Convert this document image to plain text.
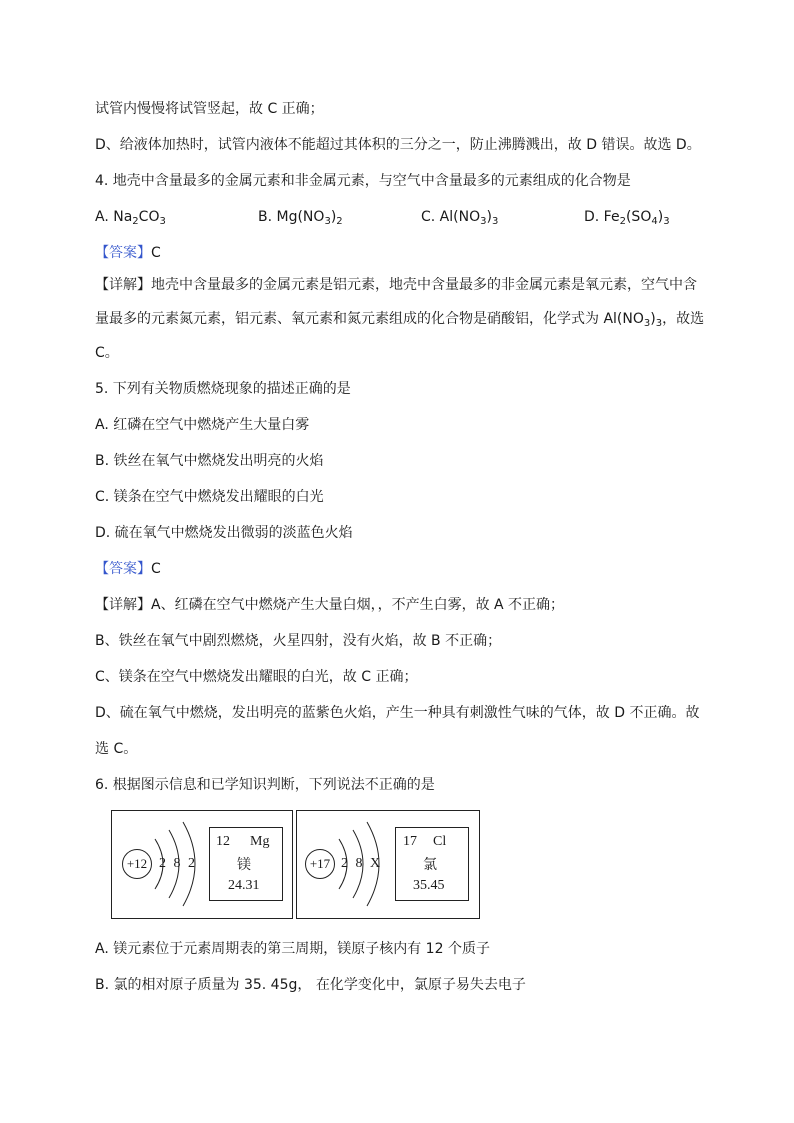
试管内慢慢将试管竖起，故 C 正确；
D、给液体加热时，试管内液体不能超过其体积的三分之一，防止沸腾溅出，故 D 错误。故选 D。
4. 地壳中含量最多的金属元素和非金属元素，与空气中含量最多的元素组成的化合物是
A. $Na_2CO_3$	B. $Mg(NO_3)_2$	C. $Al(NO_3)_3$	D. $Fe_2(SO_4)_3$
【答案】C
【详解】地壳中含量最多的金属元素是铝元素，地壳中含量最多的非金属元素是氧元素，空气中含
量最多的元素氮元素，铝元素、氧元素和氮元素组成的化合物是硝酸铝，化学式为 $Al(NO_3)_3$，故选
C。
5. 下列有关物质燃烧现象的描述正确的是
A. 红磷在空气中燃烧产生大量白雾
B. 铁丝在氧气中燃烧发出明亮的火焰
C. 镁条在空气中燃烧发出耀眼的白光
D. 硫在氧气中燃烧发出微弱的淡蓝色火焰
【答案】C
【详解】A、红磷在空气中燃烧产生大量白烟，，不产生白雾，故 A 不正确；
B、铁丝在氧气中剧烈燃烧，火星四射，没有火焰，故 B 不正确；
C、镁条在空气中燃烧发出耀眼的白光，故 C 正确；
D、硫在氧气中燃烧，发出明亮的蓝紫色火焰，产生一种具有刺激性气味的气体，故 D 不正确。故
选 C。
6. 根据图示信息和已学知识判断，下列说法不正确的是
+12 2 8 2
12 Mg
镁
24.31
+17 2 8 X
17 Cl
氯
35.45
A. 镁元素位于元素周期表的第三周期，镁原子核内有 12 个质子
B. 氯的相对原子质量为 35. 45g， 在化学变化中，氯原子易失去电子
